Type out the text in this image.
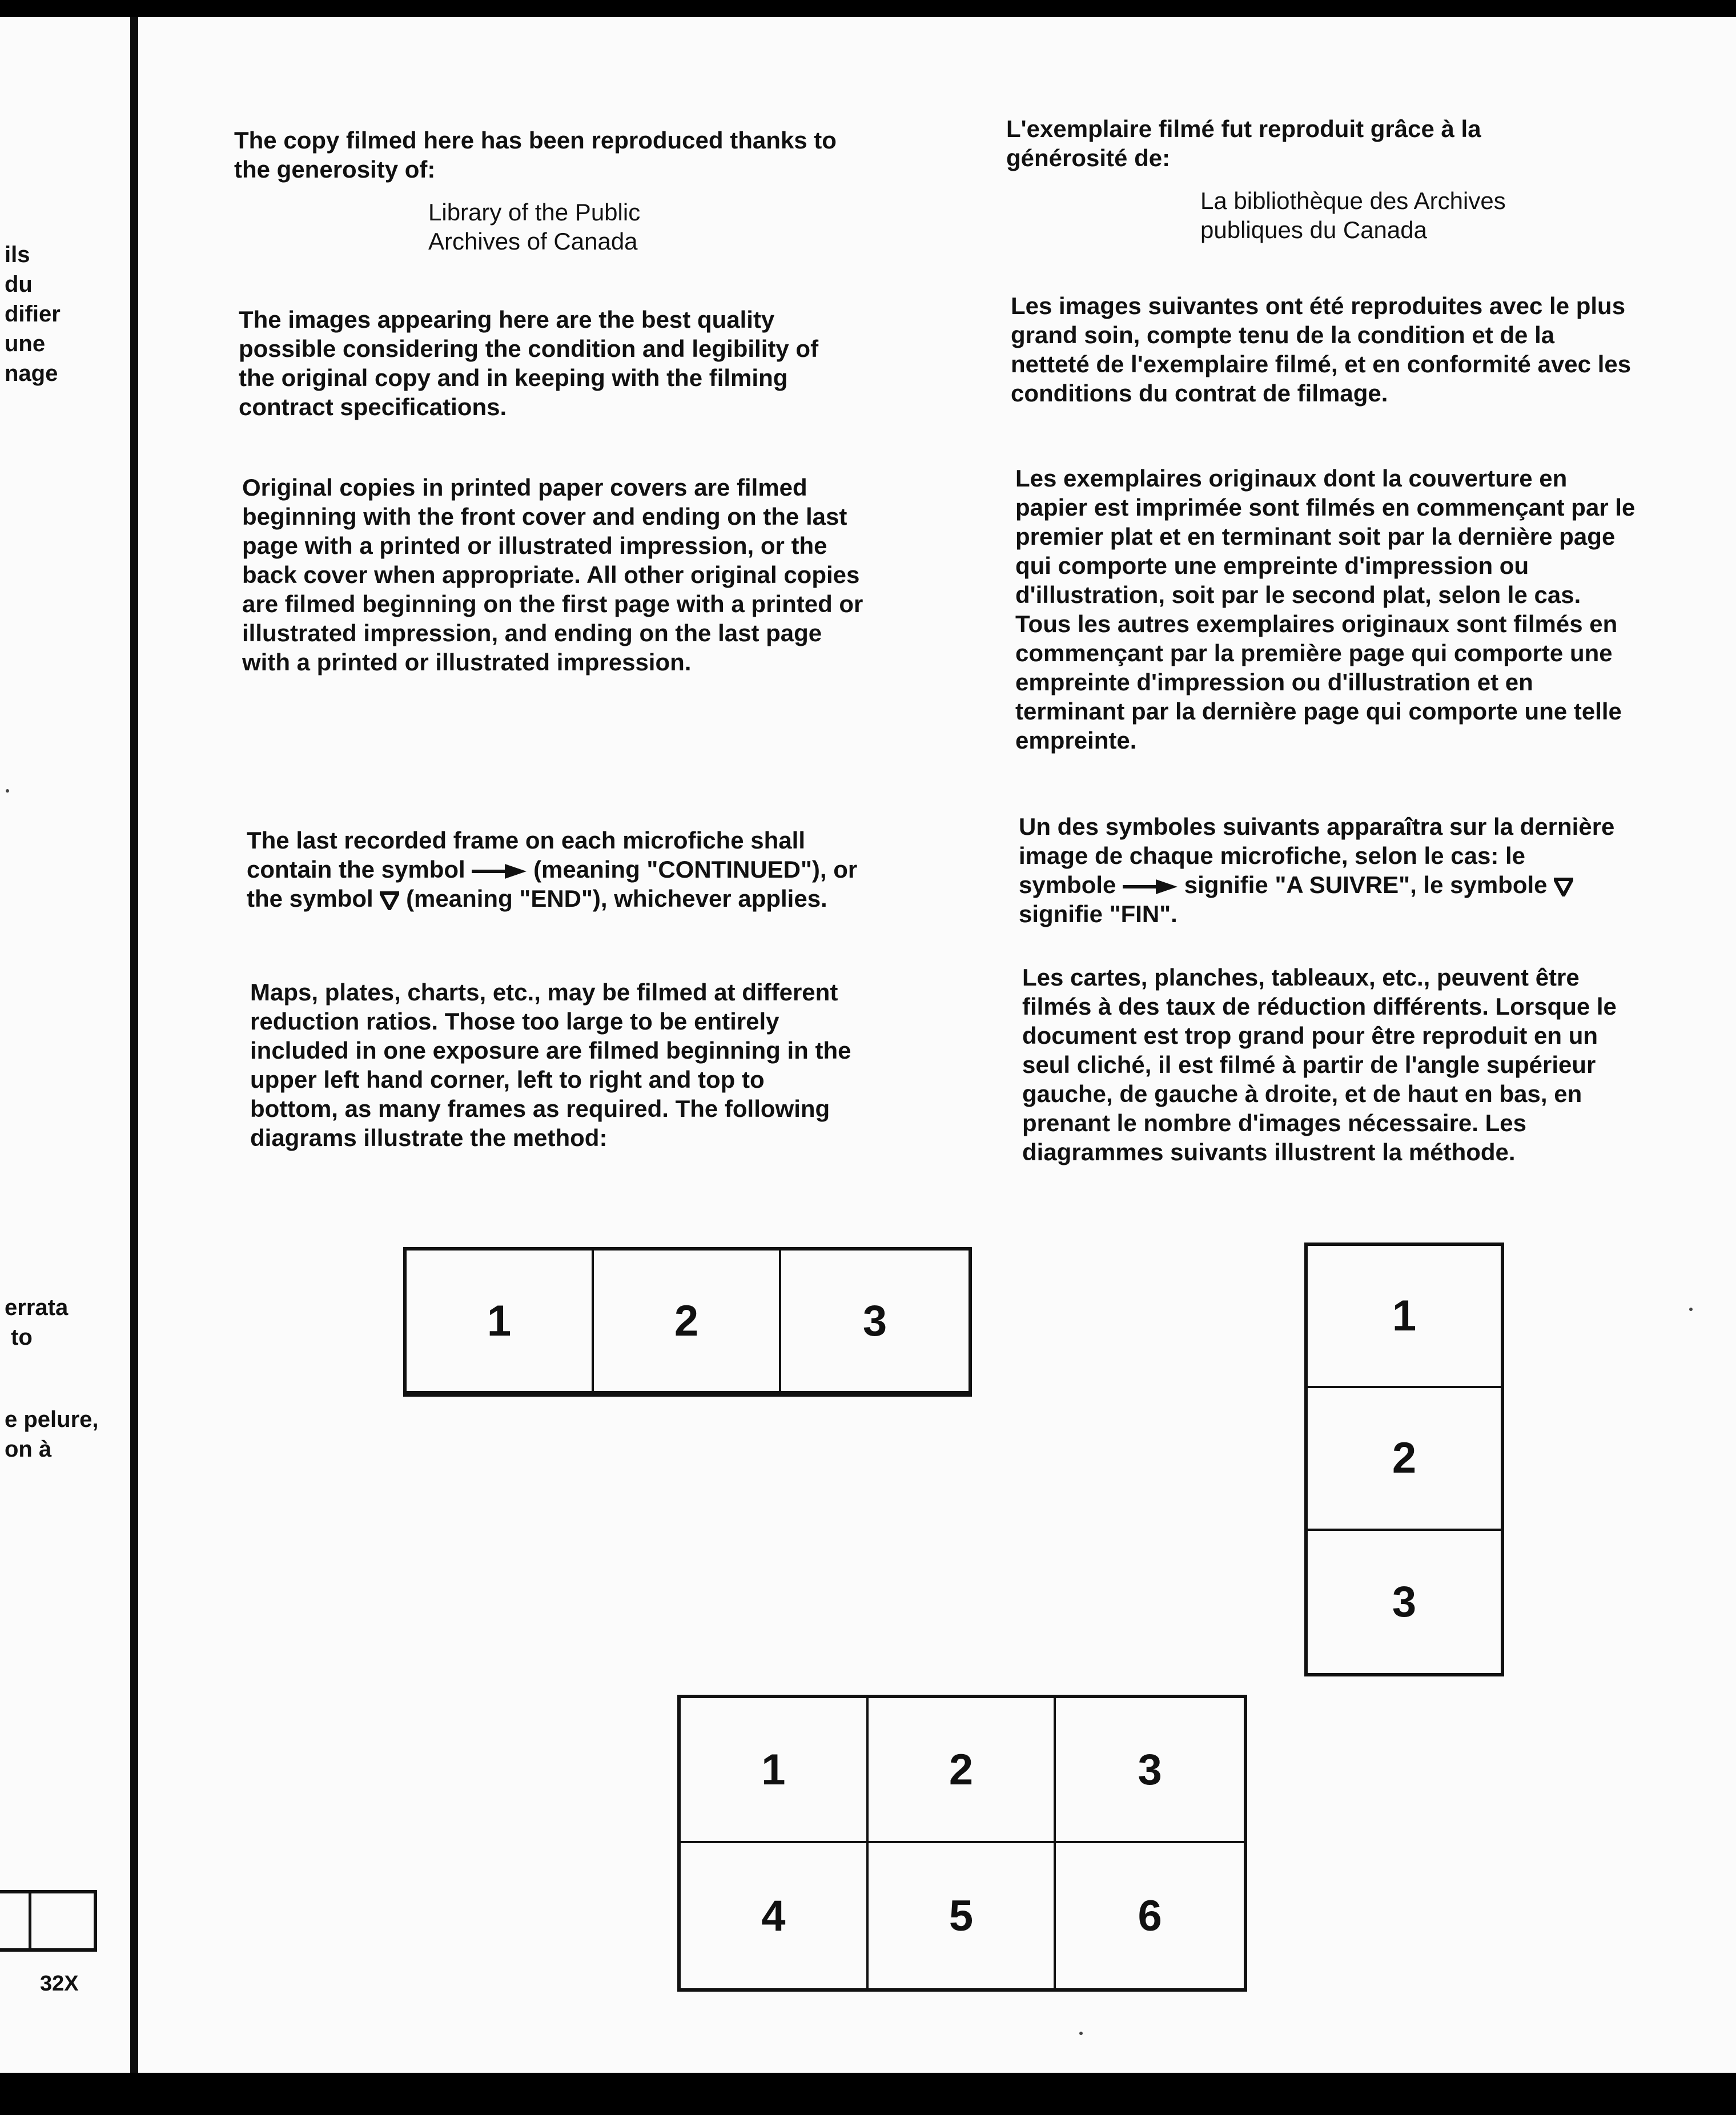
ils
du
difier
une
nage
errata
to
e pelure,
on à
32X

The copy filmed here has been reproduced thanks to the generosity of:

Library of the Public
Archives of Canada

The images appearing here are the best quality possible considering the condition and legibility of the original copy and in keeping with the filming contract specifications.

Original copies in printed paper covers are filmed beginning with the front cover and ending on the last page with a printed or illustrated impression, or the back cover when appropriate. All other original copies are filmed beginning on the first page with a printed or illustrated impression, and ending on the last page with a printed or illustrated impression.

The last recorded frame on each microfiche shall contain the symbol	(meaning "CONTINUED"), or the symbol (meaning "END"), whichever applies.

Maps, plates, charts, etc., may be filmed at different reduction ratios. Those too large to be entirely included in one exposure are filmed beginning in the upper left hand corner, left to right and top to bottom, as many frames as required. The following diagrams illustrate the method:

L'exemplaire filmé fut reproduit grâce à la générosité de:

La bibliothèque des Archives
publiques du Canada

Les images suivantes ont été reproduites avec le plus grand soin, compte tenu de la condition et de la netteté de l'exemplaire filmé, et en conformité avec les conditions du contrat de filmage.

Les exemplaires originaux dont la couverture en papier est imprimée sont filmés en commençant par le premier plat et en terminant soit par la dernière page qui comporte une empreinte d'impression ou d'illustration, soit par le second plat, selon le cas. Tous les autres exemplaires originaux sont filmés en commençant par la première page qui comporte une empreinte d'impression ou d'illustration et en terminant par la dernière page qui comporte une telle empreinte.

Un des symboles suivants apparaîtra sur la dernière image de chaque microfiche, selon le cas: le symbole	signifie "A SUIVRE", le symbole  signifie "FIN".

Les cartes, planches, tableaux, etc., peuvent être filmés à des taux de réduction différents. Lorsque le document est trop grand pour être reproduit en un seul cliché, il est filmé à partir de l'angle supérieur gauche, de gauche à droite, et de haut en bas, en prenant le nombre d'images nécessaire. Les diagrammes suivants illustrent la méthode.

1	2	3	1
2
3
1	2	3
4	5	6
